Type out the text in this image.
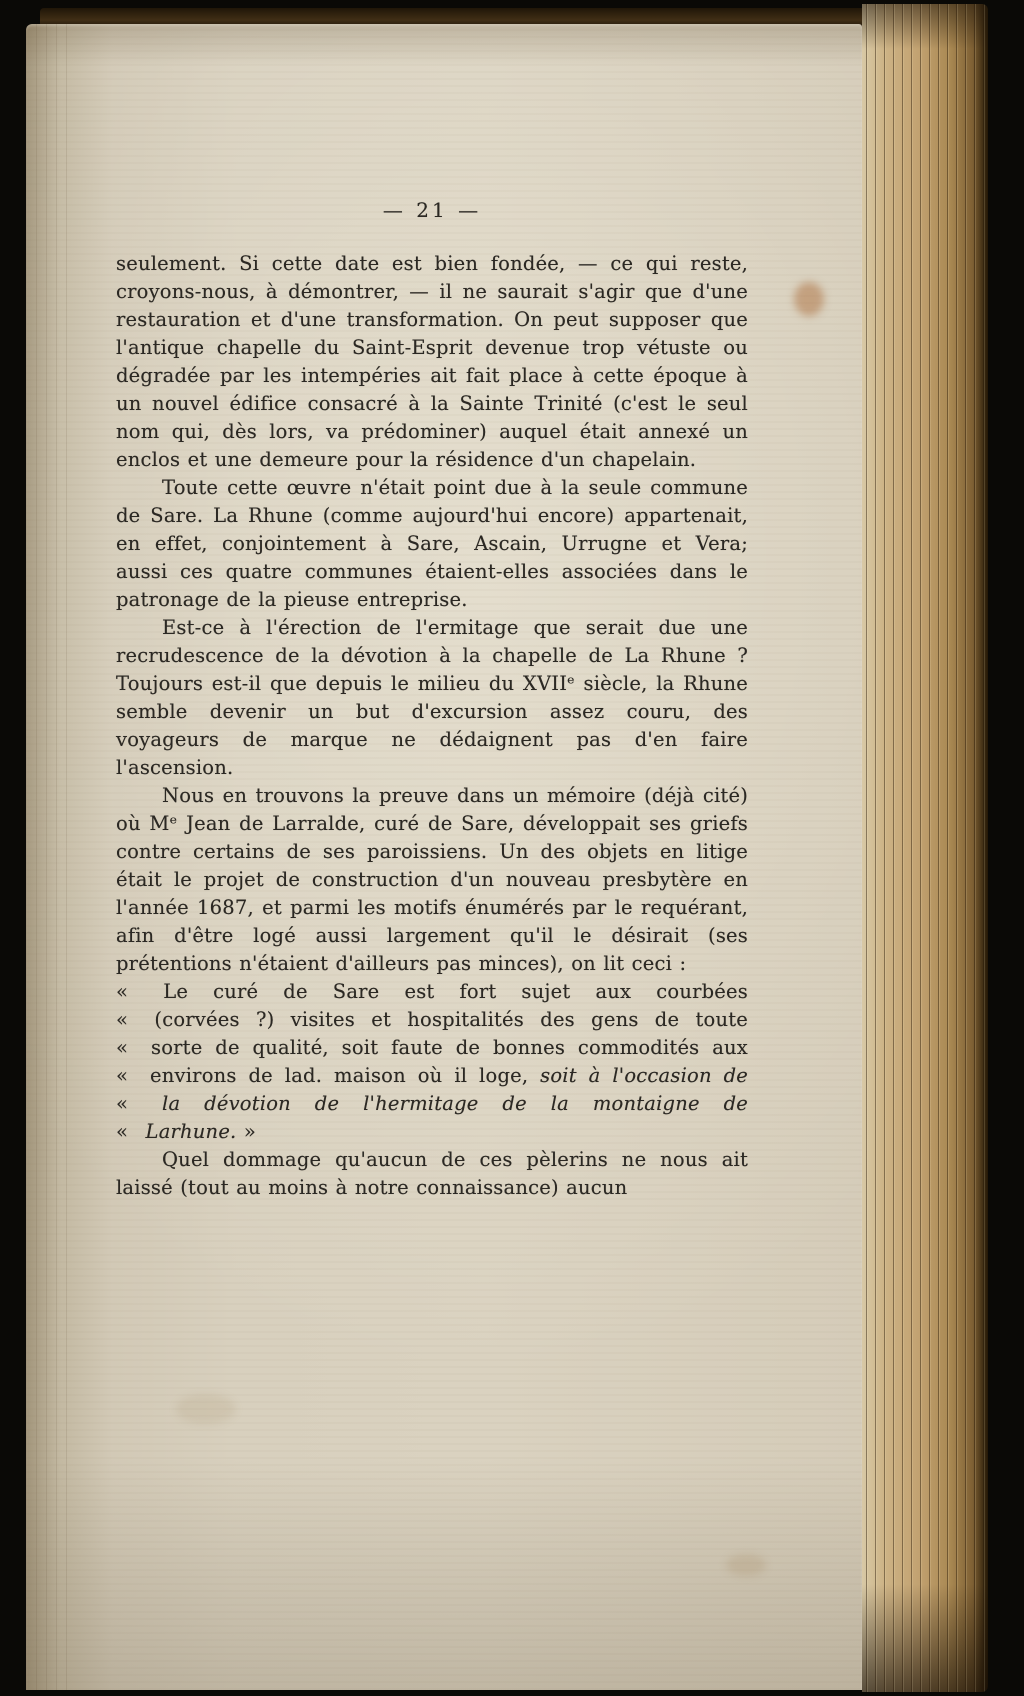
— 21 —

seulement. Si cette date est bien fondée, — ce qui reste, croyons-nous, à démontrer, — il ne saurait s'agir que d'une restauration et d'une transformation. On peut supposer que l'antique chapelle du Saint-Esprit devenue trop vétuste ou dégradée par les intempéries ait fait place à cette époque à un nouvel édifice consacré à la Sainte Trinité (c'est le seul nom qui, dès lors, va prédominer) auquel était annexé un enclos et une demeure pour la résidence d'un chapelain.

Toute cette œuvre n'était point due à la seule commune de Sare. La Rhune (comme aujourd'hui encore) appartenait, en effet, conjointement à Sare, Ascain, Urrugne et Vera; aussi ces quatre communes étaient-elles associées dans le patronage de la pieuse entreprise.

Est-ce à l'érection de l'ermitage que serait due une recrudescence de la dévotion à la chapelle de La Rhune ? Toujours est-il que depuis le milieu du XVIIᵉ siècle, la Rhune semble devenir un but d'excursion assez couru, des voyageurs de marque ne dédaignent pas d'en faire l'ascension.

Nous en trouvons la preuve dans un mémoire (déjà cité) où Mᵉ Jean de Larralde, curé de Sare, développait ses griefs contre certains de ses paroissiens. Un des objets en litige était le projet de construction d'un nouveau presbytère en l'année 1687, et parmi les motifs énumérés par le requérant, afin d'être logé aussi largement qu'il le désirait (ses prétentions n'étaient d'ailleurs pas minces), on lit ceci :

« Le curé de Sare est fort sujet aux courbées
« (corvées ?) visites et hospitalités des gens de toute
« sorte de qualité, soit faute de bonnes commodités aux
« environs de lad. maison où il loge, soit à l'occasion de
« la dévotion de l'hermitage de la montaigne de
« Larhune. »

Quel dommage qu'aucun de ces pèlerins ne nous ait laissé (tout au moins à notre connaissance) aucun
